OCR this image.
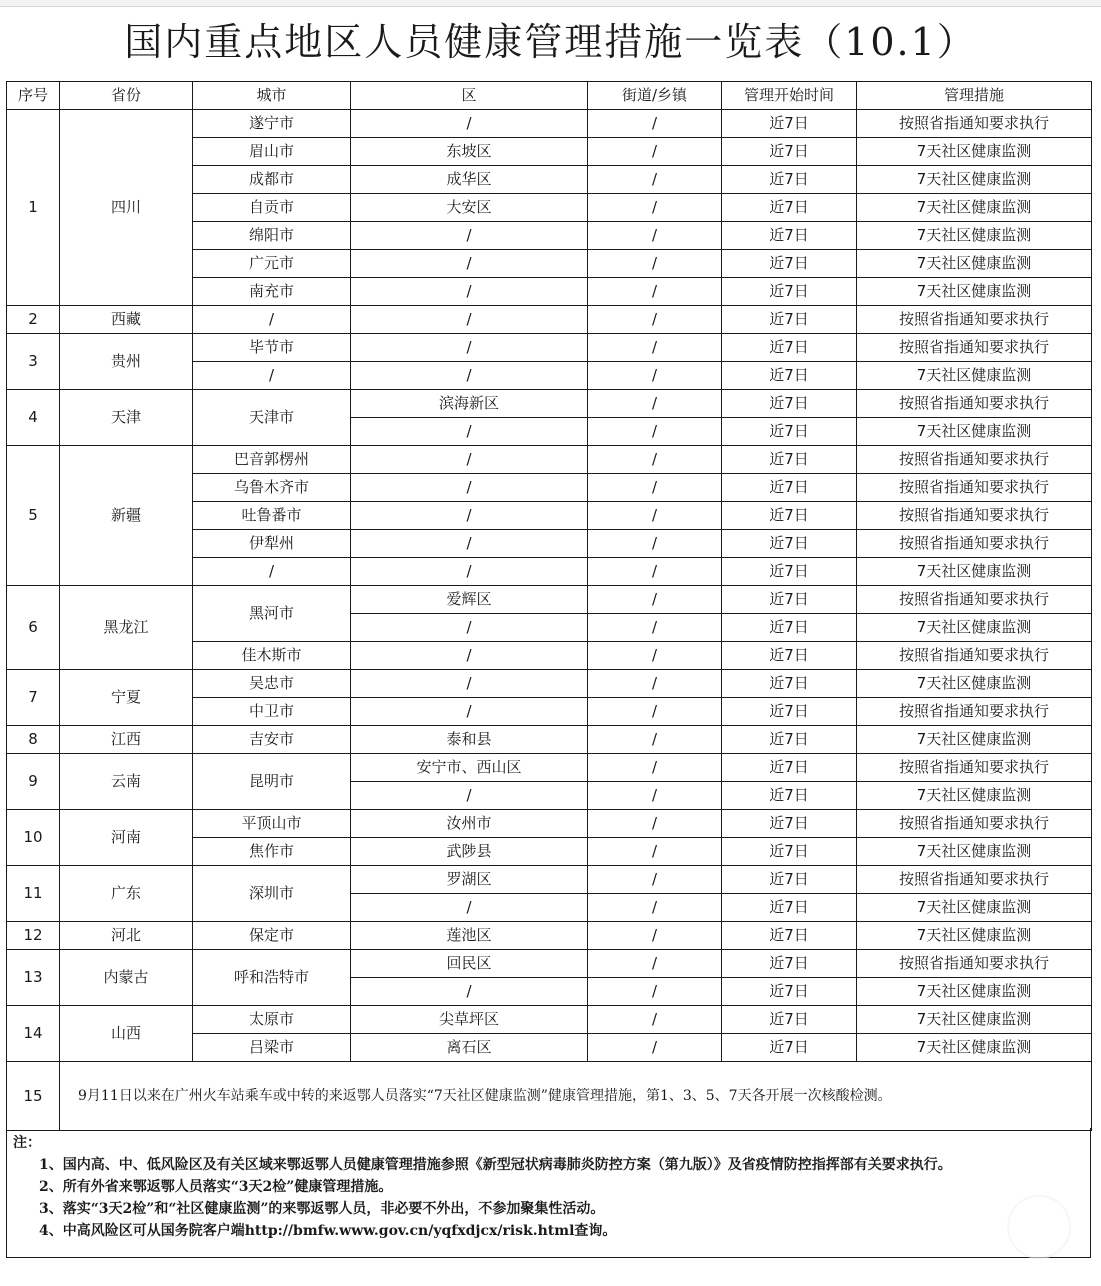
国内重点地区人员健康管理措施一览表（10.1）
序号	省份	城市	区	街道/乡镇	管理开始时间	管理措施
1	四川	遂宁市	/	/	近7日	按照省指通知要求执行
		眉山市	东坡区	/	近7日	7天社区健康监测
		成都市	成华区	/	近7日	7天社区健康监测
		自贡市	大安区	/	近7日	7天社区健康监测
		绵阳市	/	/	近7日	7天社区健康监测
		广元市	/	/	近7日	7天社区健康监测
		南充市	/	/	近7日	7天社区健康监测
2	西藏	/	/	/	近7日	按照省指通知要求执行
3	贵州	毕节市	/	/	近7日	按照省指通知要求执行
		/	/	/	近7日	7天社区健康监测
4	天津	天津市	滨海新区	/	近7日	按照省指通知要求执行
			/	/	近7日	7天社区健康监测
5	新疆	巴音郭楞州	/	/	近7日	按照省指通知要求执行
		乌鲁木齐市	/	/	近7日	按照省指通知要求执行
		吐鲁番市	/	/	近7日	按照省指通知要求执行
		伊犁州	/	/	近7日	按照省指通知要求执行
		/	/	/	近7日	7天社区健康监测
6	黑龙江	黑河市	爱辉区	/	近7日	按照省指通知要求执行
			/	/	近7日	7天社区健康监测
		佳木斯市	/	/	近7日	按照省指通知要求执行
7	宁夏	吴忠市	/	/	近7日	7天社区健康监测
		中卫市	/	/	近7日	按照省指通知要求执行
8	江西	吉安市	泰和县	/	近7日	7天社区健康监测
9	云南	昆明市	安宁市、西山区	/	近7日	按照省指通知要求执行
			/	/	近7日	7天社区健康监测
10	河南	平顶山市	汝州市	/	近7日	按照省指通知要求执行
		焦作市	武陟县	/	近7日	7天社区健康监测
11	广东	深圳市	罗湖区	/	近7日	按照省指通知要求执行
			/	/	近7日	7天社区健康监测
12	河北	保定市	莲池区	/	近7日	7天社区健康监测
13	内蒙古	呼和浩特市	回民区	/	近7日	按照省指通知要求执行
			/	/	近7日	7天社区健康监测
14	山西	太原市	尖草坪区	/	近7日	7天社区健康监测
		吕梁市	离石区	/	近7日	7天社区健康监测
15	9月11日以来在广州火车站乘车或中转的来返鄂人员落实“7天社区健康监测”健康管理措施，第1、3、5、7天各开展一次核酸检测。					

注：

1、国内高、中、低风险区及有关区域来鄂返鄂人员健康管理措施参照《新型冠状病毒肺炎防控方案（第九版）》及省疫情防控指挥部有关要求执行。

2、所有外省来鄂返鄂人员落实“3天2检”健康管理措施。

3、落实“3天2检”和“社区健康监测”的来鄂返鄂人员，非必要不外出，不参加聚集性活动。

4、中高风险区可从国务院客户端http://bmfw.www.gov.cn/yqfxdjcx/risk.html查询。
